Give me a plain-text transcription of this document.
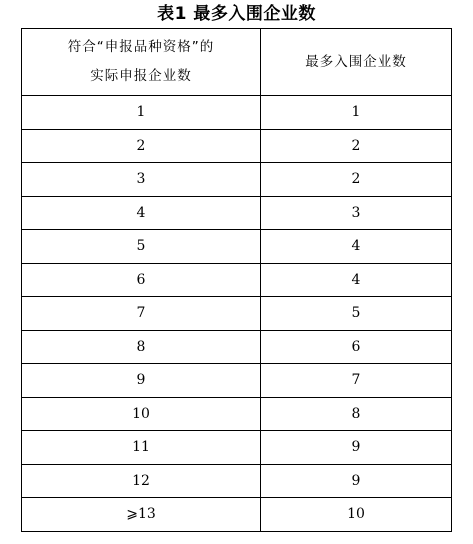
表1 最多入围企业数
符合“申报品种资格”的
实际申报企业数	最多入围企业数
1	1
2	2
3	2
4	3
5	4
6	4
7	5
8	6
9	7
10	8
11	9
12	9
⩾13	10
